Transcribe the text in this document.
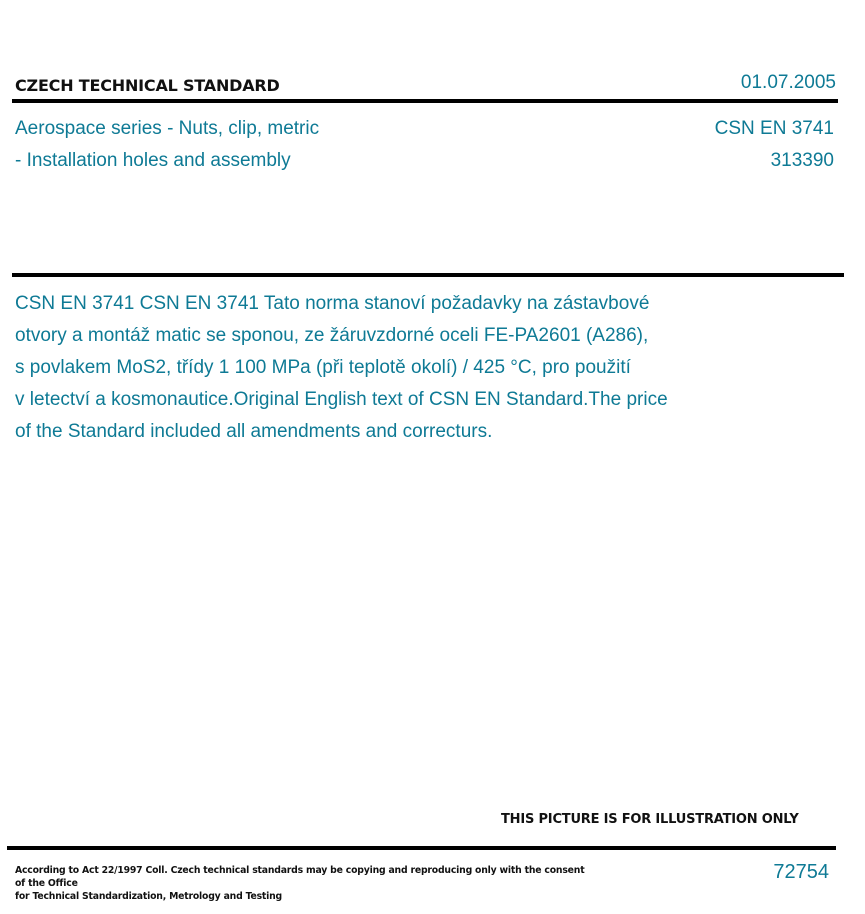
CZECH TECHNICAL STANDARD	01.07.2005
Aerospace series - Nuts, clip, metric
- Installation holes and assembly
CSN EN 3741
313390
CSN EN 3741 CSN EN 3741 Tato norma stanoví požadavky na zástavbové
otvory a montáž matic se sponou, ze žáruvzdorné oceli FE-PA2601 (A286),
s povlakem MoS2, třídy 1 100 MPa (při teplotě okolí) / 425 °C, pro použití
v letectví a kosmonautice.Original English text of CSN EN Standard.The price
of the Standard included all amendments and correcturs.
THIS PICTURE IS FOR ILLUSTRATION ONLY
According to Act 22/1997 Coll. Czech technical standards may be copying and reproducing only with the consent of the Office
for Technical Standardization, Metrology and Testing
72754
